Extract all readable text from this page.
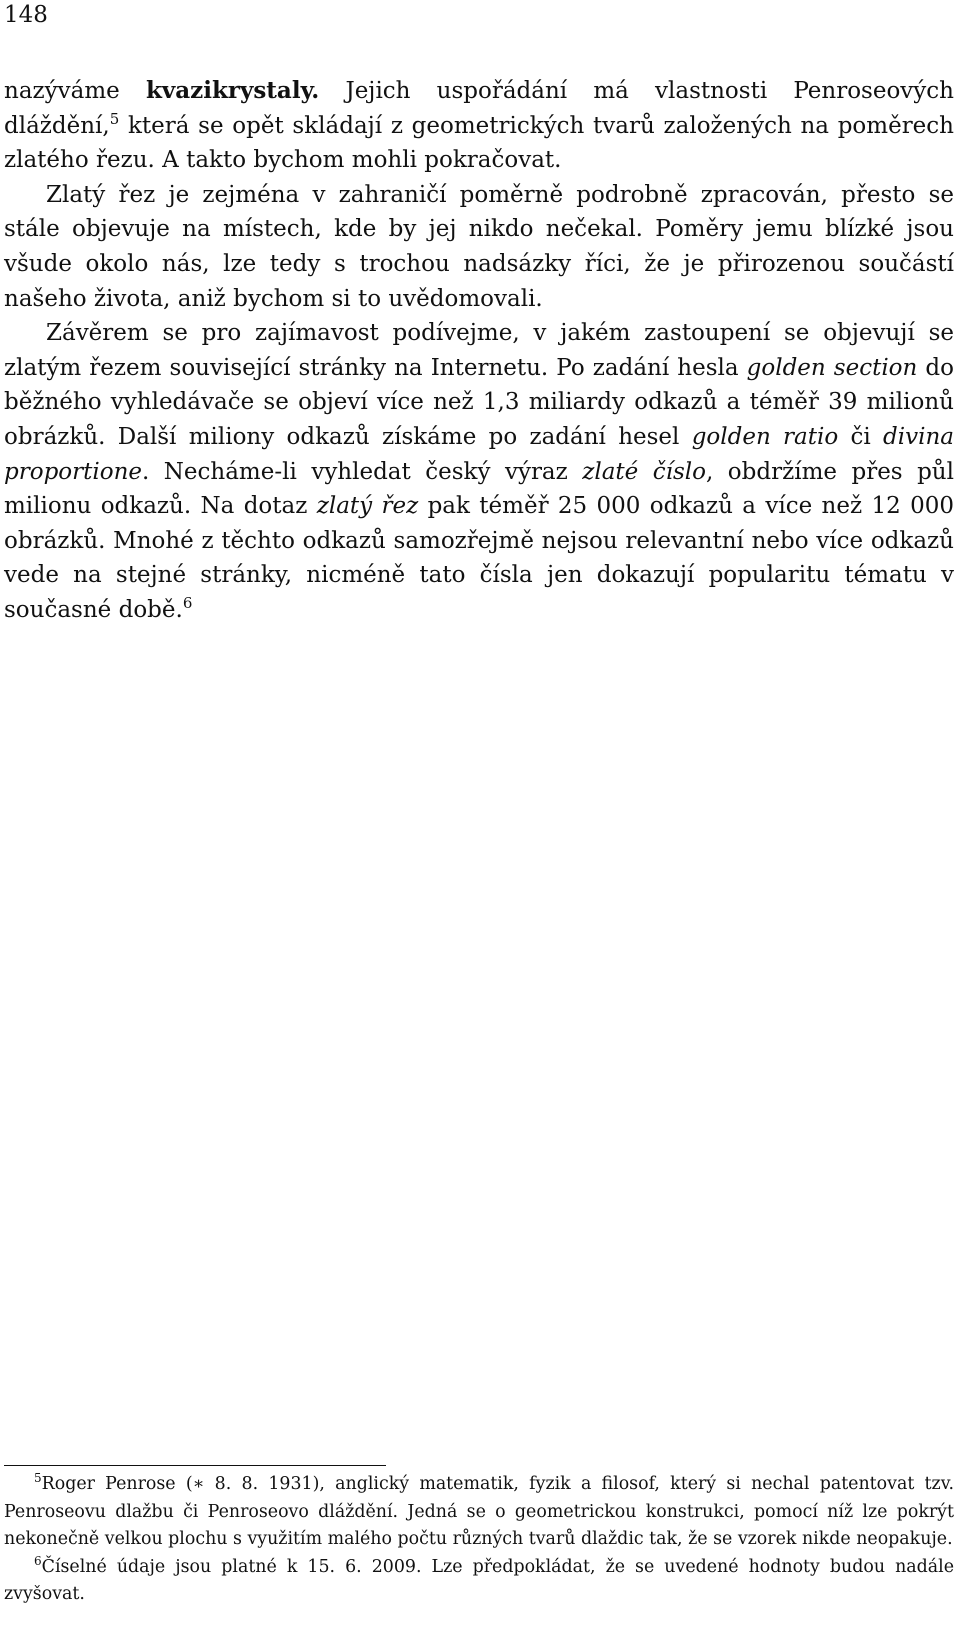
148

nazýváme kvazikrystaly. Jejich uspořádání má vlastnosti Penroseových dláždění,$^5$ která se opět skládají z geometrických tvarů založených na poměrech zlatého řezu. A takto bychom mohli pokračovat.

Zlatý řez je zejména v zahraničí poměrně podrobně zpracován, přesto se stále objevuje na místech, kde by jej nikdo nečekal. Poměry jemu blízké jsou všude okolo nás, lze tedy s trochou nadsázky říci, že je přirozenou součástí našeho života, aniž bychom si to uvědomovali.

Závěrem se pro zajímavost podívejme, v jakém zastoupení se objevují se zlatým řezem související stránky na Internetu. Po zadání hesla golden section do běžného vyhledávače se objeví více než 1,3 miliardy odkazů a téměř 39 milionů obrázků. Další miliony odkazů získáme po zadání hesel golden ratio či divina proportione. Necháme-li vyhledat český výraz zlaté číslo, obdržíme přes půl milionu odkazů. Na dotaz zlatý řez pak téměř 25 000 odkazů a více než 12 000 obrázků. Mnohé z těchto odkazů samozřejmě nejsou relevantní nebo více odkazů vede na stejné stránky, nicméně tato čísla jen dokazují popularitu tématu v současné době.$^6$

$^5$Roger Penrose (∗ 8. 8. 1931), anglický matematik, fyzik a filosof, který si nechal patentovat tzv. Penroseovu dlažbu či Penroseovo dláždění. Jedná se o geometrickou konstrukci, pomocí níž lze pokrýt nekonečně velkou plochu s využitím malého počtu různých tvarů dlaždic tak, že se vzorek nikde neopakuje.

$^6$Číselné údaje jsou platné k 15. 6. 2009. Lze předpokládat, že se uvedené hodnoty budou nadále zvyšovat.
